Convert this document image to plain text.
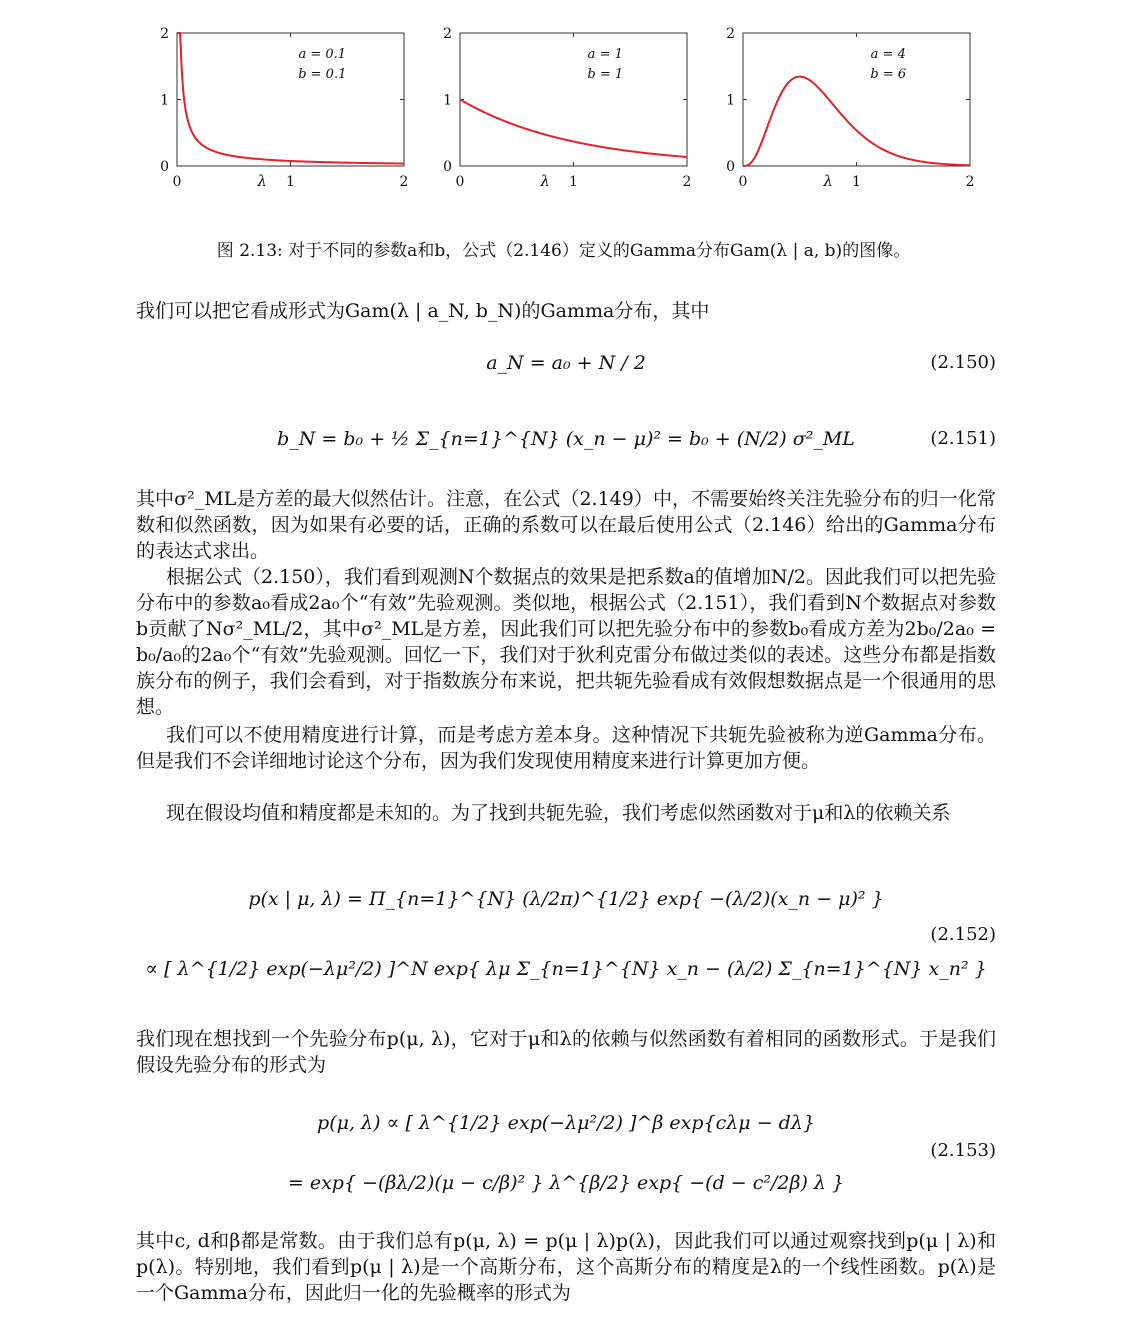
0	1	2
0
1
2
λ
a = 0.1
b = 0.1
0	1	2
0
1
2
λ
a = 1
b = 1
0	1	2
0
1
2
λ
a = 4
b = 6
图 2.13: 对于不同的参数a和b，公式（2.146）定义的Gamma分布Gam(λ | a, b)的图像。
我们可以把它看成形式为Gam(λ | a_N, b_N)的Gamma分布，其中
a_N = a₀ + N / 2	(2.150)
b_N = b₀ + ½ Σ_{n=1}^{N} (x_n − μ)² = b₀ + (N/2) σ²_ML	(2.151)
其中σ²_ML是方差的最大似然估计。注意，在公式（2.149）中，不需要始终关注先验分布的归一化常数和似然函数，因为如果有必要的话，正确的系数可以在最后使用公式（2.146）给出的Gamma分布的表达式求出。
根据公式（2.150），我们看到观测N个数据点的效果是把系数a的值增加N/2。因此我们可以把先验分布中的参数a₀看成2a₀个“有效”先验观测。类似地，根据公式（2.151），我们看到N个数据点对参数b贡献了Nσ²_ML/2，其中σ²_ML是方差，因此我们可以把先验分布中的参数b₀看成方差为2b₀/2a₀ = b₀/a₀的2a₀个“有效”先验观测。回忆一下，我们对于狄利克雷分布做过类似的表述。这些分布都是指数族分布的例子，我们会看到，对于指数族分布来说，把共轭先验看成有效假想数据点是一个很通用的思想。
我们可以不使用精度进行计算，而是考虑方差本身。这种情况下共轭先验被称为逆Gamma分布。但是我们不会详细地讨论这个分布，因为我们发现使用精度来进行计算更加方便。
现在假设均值和精度都是未知的。为了找到共轭先验，我们考虑似然函数对于μ和λ的依赖关系
p(x | μ, λ) = Π_{n=1}^{N} (λ/2π)^{1/2} exp{ −(λ/2)(x_n − μ)² }
∝ [ λ^{1/2} exp(−λμ²/2) ]^N exp{ λμ Σ_{n=1}^{N} x_n − (λ/2) Σ_{n=1}^{N} x_n² }
(2.152)
我们现在想找到一个先验分布p(μ, λ)，它对于μ和λ的依赖与似然函数有着相同的函数形式。于是我们假设先验分布的形式为
p(μ, λ) ∝ [ λ^{1/2} exp(−λμ²/2) ]^β exp{cλμ − dλ}
= exp{ −(βλ/2)(μ − c/β)² } λ^{β/2} exp{ −(d − c²/2β) λ }
(2.153)
其中c, d和β都是常数。由于我们总有p(μ, λ) = p(μ | λ)p(λ)，因此我们可以通过观察找到p(μ | λ)和p(λ)。特别地，我们看到p(μ | λ)是一个高斯分布，这个高斯分布的精度是λ的一个线性函数。p(λ)是一个Gamma分布，因此归一化的先验概率的形式为
